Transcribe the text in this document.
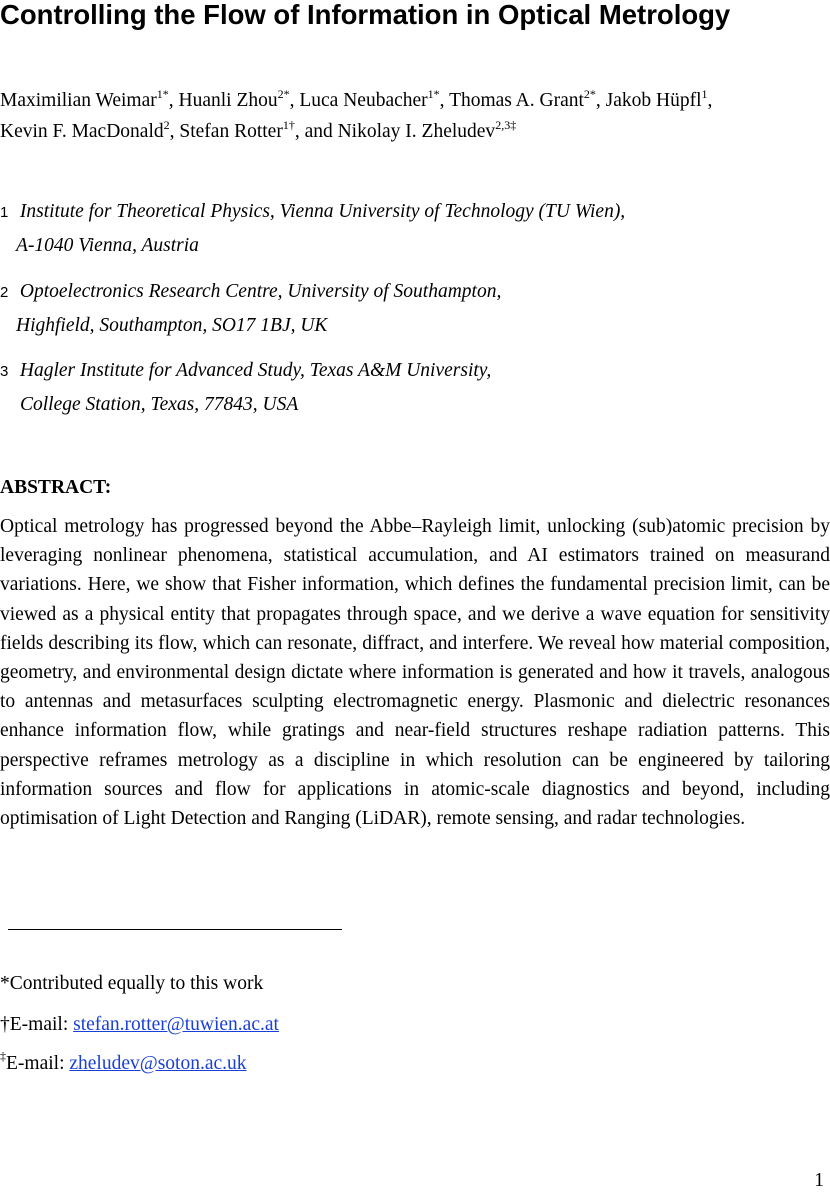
Controlling the Flow of Information in Optical Metrology
Maximilian Weimar$^{1*}$, Huanli Zhou$^{2*}$, Luca Neubacher$^{1*}$, Thomas A. Grant$^{2*}$, Jakob Hüpfl$^1$,
Kevin F. MacDonald$^2$, Stefan Rotter$^{1\dagger}$, and Nikolay I. Zheludev$^{2,3\ddagger}$
1 Institute for Theoretical Physics, Vienna University of Technology (TU Wien),
A-1040 Vienna, Austria
2 Optoelectronics Research Centre, University of Southampton,
Highfield, Southampton, SO17 1BJ, UK
3 Hagler Institute for Advanced Study, Texas A&M University,
College Station, Texas, 77843, USA
ABSTRACT:

Optical metrology has progressed beyond the Abbe–Rayleigh limit, unlocking (sub)atomic precision by leveraging nonlinear phenomena, statistical accumulation, and AI estimators trained on measurand variations. Here, we show that Fisher information, which defines the fundamental precision limit, can be viewed as a physical entity that propagates through space, and we derive a wave equation for sensitivity fields describing its flow, which can resonate, diffract, and interfere. We reveal how material composition, geometry, and environmental design dictate where information is generated and how it travels, analogous to antennas and metasurfaces sculpting electromagnetic energy. Plasmonic and dielectric resonances enhance information flow, while gratings and near-field structures reshape radiation patterns. This perspective reframes metrology as a discipline in which resolution can be engineered by tailoring information sources and flow for applications in atomic-scale diagnostics and beyond, including optimisation of Light Detection and Ranging (LiDAR), remote sensing, and radar technologies.

*Contributed equally to this work
†E-mail: stefan.rotter@tuwien.ac.at
‡E-mail: zheludev@soton.ac.uk
1
